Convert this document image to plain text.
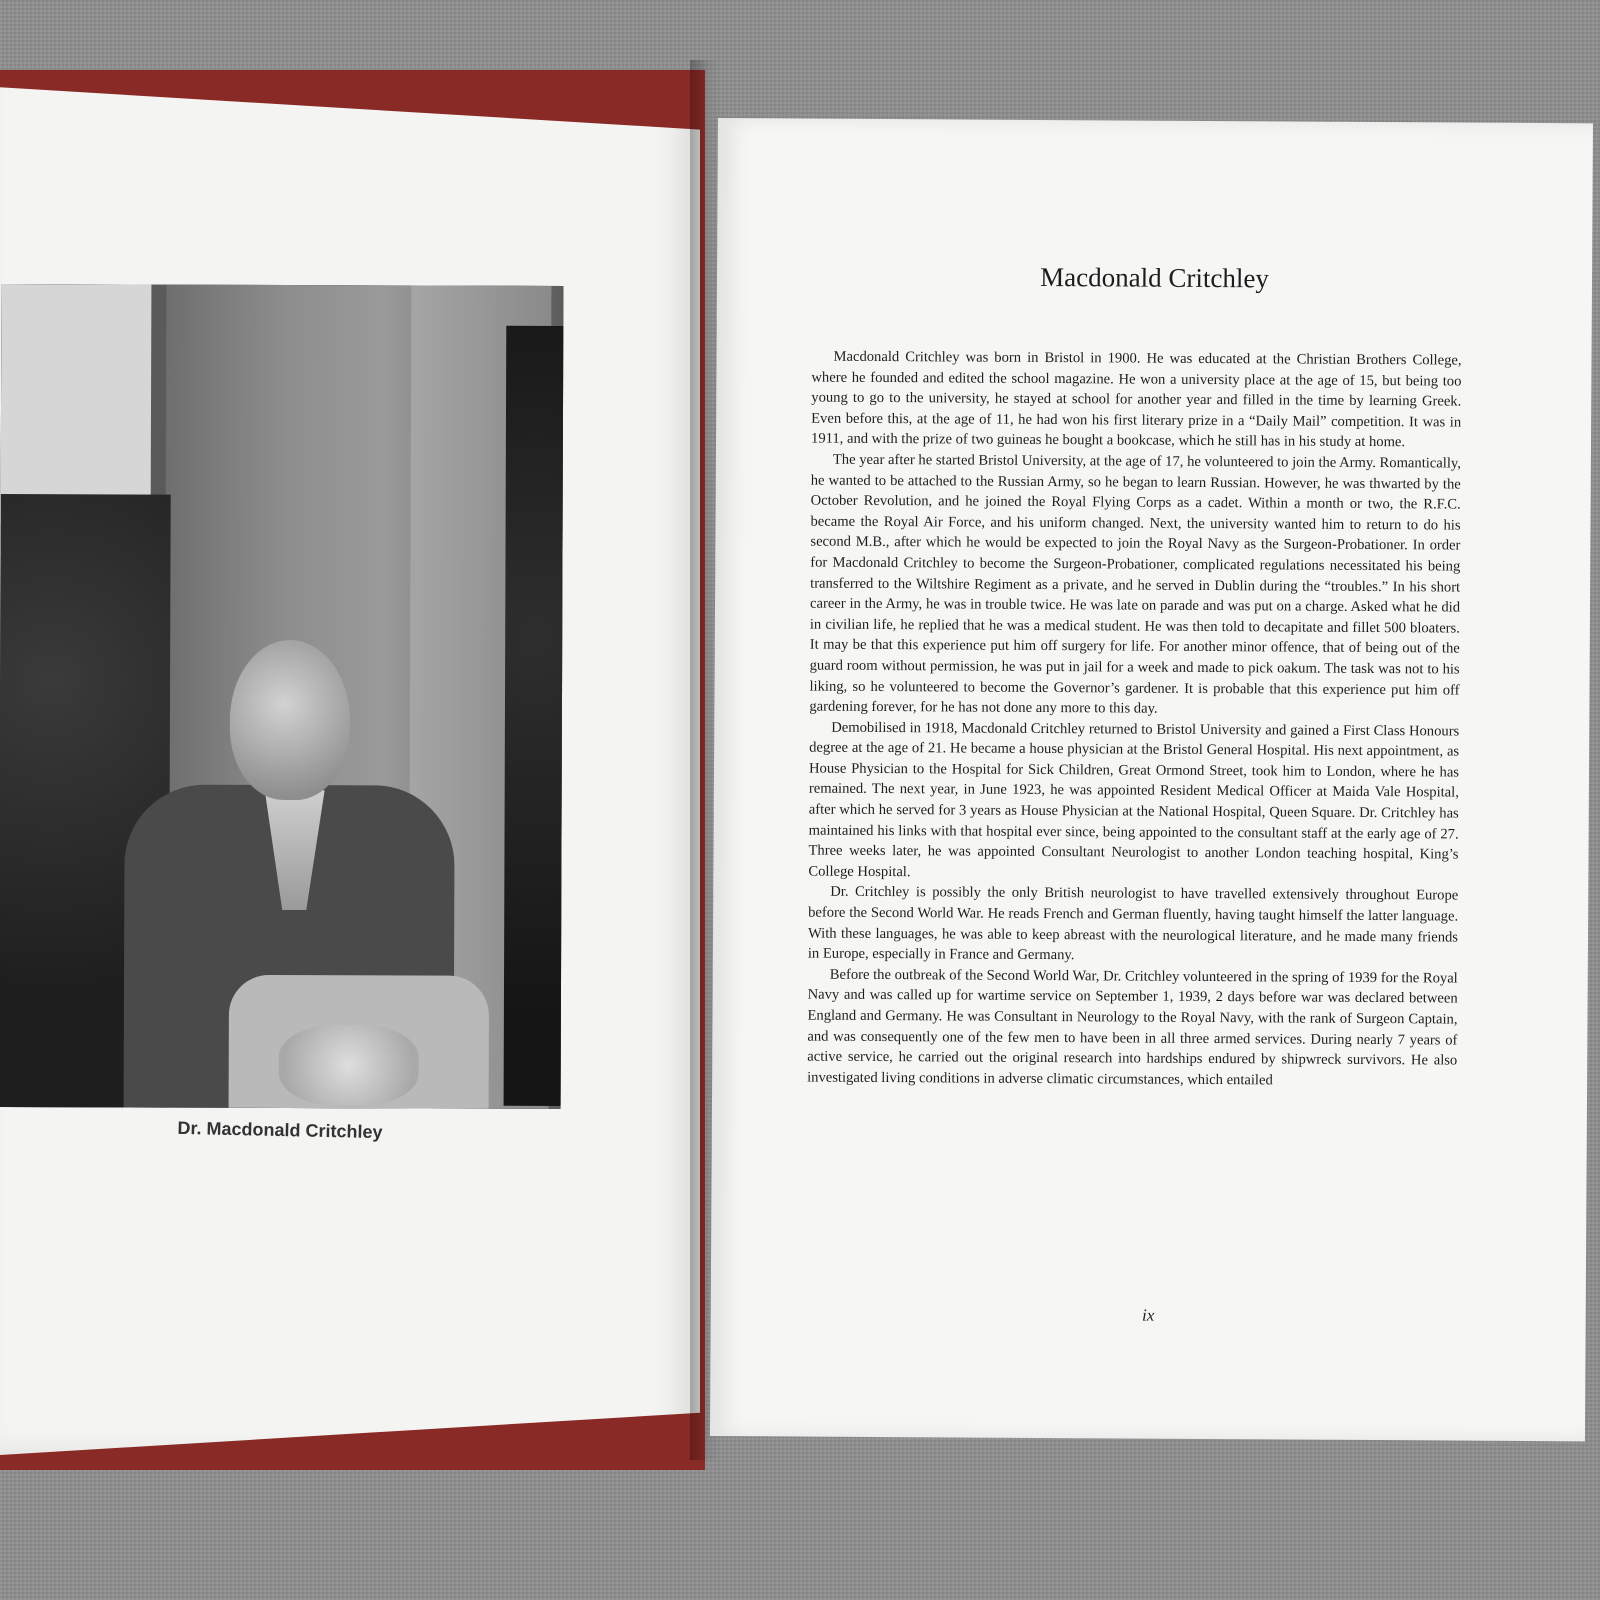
Dr. Macdonald Critchley
Macdonald Critchley

Macdonald Critchley was born in Bristol in 1900. He was educated at the Christian Brothers College, where he founded and edited the school magazine. He won a university place at the age of 15, but being too young to go to the university, he stayed at school for another year and filled in the time by learning Greek. Even before this, at the age of 11, he had won his first literary prize in a “Daily Mail” competition. It was in 1911, and with the prize of two guineas he bought a bookcase, which he still has in his study at home.

The year after he started Bristol University, at the age of 17, he volunteered to join the Army. Romantically, he wanted to be attached to the Russian Army, so he began to learn Russian. However, he was thwarted by the October Revolution, and he joined the Royal Flying Corps as a cadet. Within a month or two, the R.F.C. became the Royal Air Force, and his uniform changed. Next, the university wanted him to return to do his second M.B., after which he would be expected to join the Royal Navy as the Surgeon-Probationer. In order for Macdonald Critchley to become the Surgeon-Probationer, complicated regulations necessitated his being transferred to the Wiltshire Regiment as a private, and he served in Dublin during the “troubles.” In his short career in the Army, he was in trouble twice. He was late on parade and was put on a charge. Asked what he did in civilian life, he replied that he was a medical student. He was then told to decapitate and fillet 500 bloaters. It may be that this experience put him off surgery for life. For another minor offence, that of being out of the guard room without permission, he was put in jail for a week and made to pick oakum. The task was not to his liking, so he volunteered to become the Governor’s gardener. It is probable that this experience put him off gardening forever, for he has not done any more to this day.

Demobilised in 1918, Macdonald Critchley returned to Bristol University and gained a First Class Honours degree at the age of 21. He became a house physician at the Bristol General Hospital. His next appointment, as House Physician to the Hospital for Sick Children, Great Ormond Street, took him to London, where he has remained. The next year, in June 1923, he was appointed Resident Medical Officer at Maida Vale Hospital, after which he served for 3 years as House Physician at the National Hospital, Queen Square. Dr. Critchley has maintained his links with that hospital ever since, being appointed to the consultant staff at the early age of 27. Three weeks later, he was appointed Consultant Neurologist to another London teaching hospital, King’s College Hospital.

Dr. Critchley is possibly the only British neurologist to have travelled extensively throughout Europe before the Second World War. He reads French and German fluently, having taught himself the latter language. With these languages, he was able to keep abreast with the neurological literature, and he made many friends in Europe, especially in France and Germany.

Before the outbreak of the Second World War, Dr. Critchley volunteered in the spring of 1939 for the Royal Navy and was called up for wartime service on September 1, 1939, 2 days before war was declared between England and Germany. He was Consultant in Neurology to the Royal Navy, with the rank of Surgeon Captain, and was consequently one of the few men to have been in all three armed services. During nearly 7 years of active service, he carried out the original research into hardships endured by shipwreck survivors. He also investigated living conditions in adverse climatic circumstances, which entailed

ix
